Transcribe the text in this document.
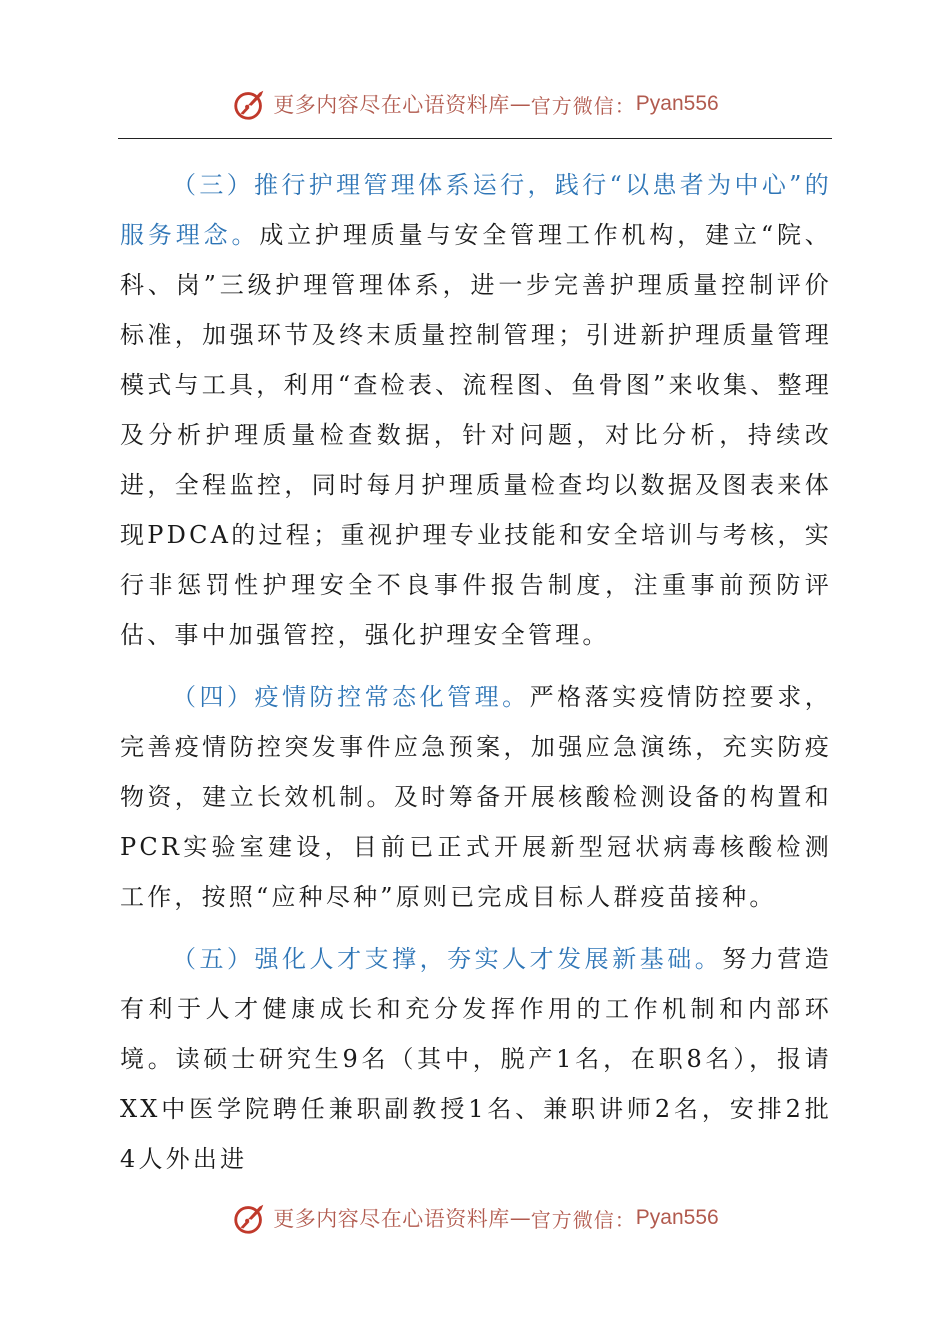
更多内容尽在心语资料库 — 官方微信： Pyan556

（三）推行护理管理体系运行，践行“以患者为中心”的服务理念。成立护理质量与安全管理工作机构，建立“院、科、岗”三级护理管理体系，进一步完善护理质量控制评价标准，加强环节及终末质量控制管理；引进新护理质量管理模式与工具，利用“查检表、流程图、鱼骨图”来收集、整理及分析护理质量检查数据，针对问题，对比分析，持续改进，全程监控，同时每月护理质量检查均以数据及图表来体现PDCA的过程；重视护理专业技能和安全培训与考核，实行非惩罚性护理安全不良事件报告制度，注重事前预防评估、事中加强管控，强化护理安全管理。

（四）疫情防控常态化管理。严格落实疫情防控要求，完善疫情防控突发事件应急预案，加强应急演练，充实防疫物资，建立长效机制。及时筹备开展核酸检测设备的构置和PCR实验室建设，目前已正式开展新型冠状病毒核酸检测工作，按照“应种尽种”原则已完成目标人群疫苗接种。

（五）强化人才支撑，夯实人才发展新基础。努力营造有利于人才健康成长和充分发挥作用的工作机制和内部环境。读硕士研究生9名（其中，脱产1名，在职8名），报请XX中医学院聘任兼职副教授1名、兼职讲师2名，安排2批4人外出进

更多内容尽在心语资料库 — 官方微信： Pyan556
